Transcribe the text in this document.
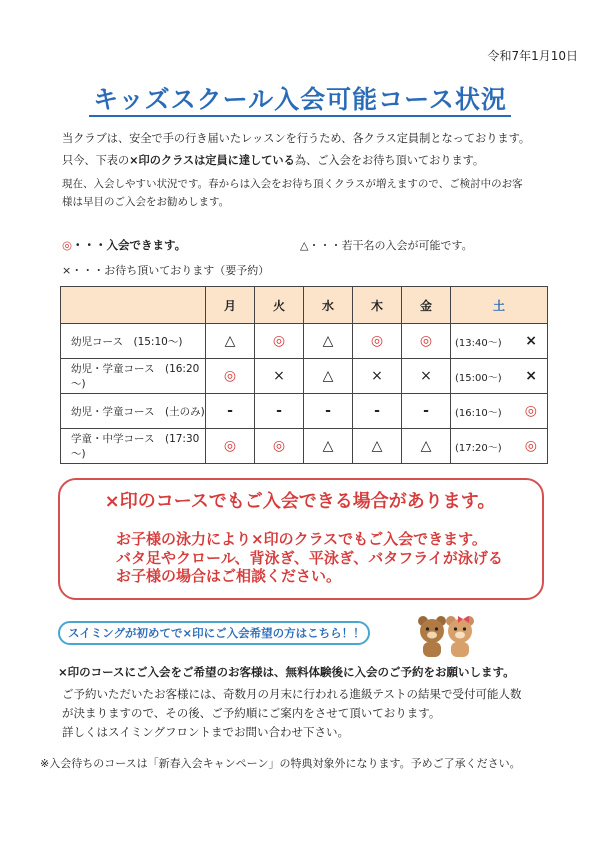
令和7年1月10日
キッズスクール入会可能コース状況
当クラブは、安全で手の行き届いたレッスンを行うため、各クラス定員制となっております。
只今、下表の×印のクラスは定員に達している為、ご入会をお待ち頂いております。
現在、入会しやすい状況です。春からは入会をお待ち頂くクラスが増えますので、ご検討中のお客
様は早目のご入会をお勧めします。
◎・・・入会できます。	△・・・若干名の入会が可能です。
×・・・お待ち頂いております（要予約）
	月	火	水	木	金	土
幼児コース　(15:10～)	△	◎	△	◎	◎	(13:40～) ×

幼児・学童コース　(16:20～)	◎	×	△	×	×	(15:00～) ×

幼児・学童コース　(土のみ)	-	-	-	-	-	(16:10～) ◎

学童・中学コース　(17:30～)	◎	◎	△	△	△	(17:20～) ◎
×印のコースでもご入会できる場合があります。
お子様の泳力により×印のクラスでもご入会できます。
バタ足やクロール、背泳ぎ、平泳ぎ、バタフライが泳げる
お子様の場合はご相談ください。
スイミングが初めてで×印にご入会希望の方はこちら！！
×印のコースにご入会をご希望のお客様は、無料体験後に入会のご予約をお願いします。
ご予約いただいたお客様には、奇数月の月末に行われる進級テストの結果で受付可能人数
が決まりますので、その後、ご予約順にご案内をさせて頂いております。
詳しくはスイミングフロントまでお問い合わせ下さい。
※入会待ちのコースは「新春入会キャンペーン」の特典対象外になります。予めご了承ください。
